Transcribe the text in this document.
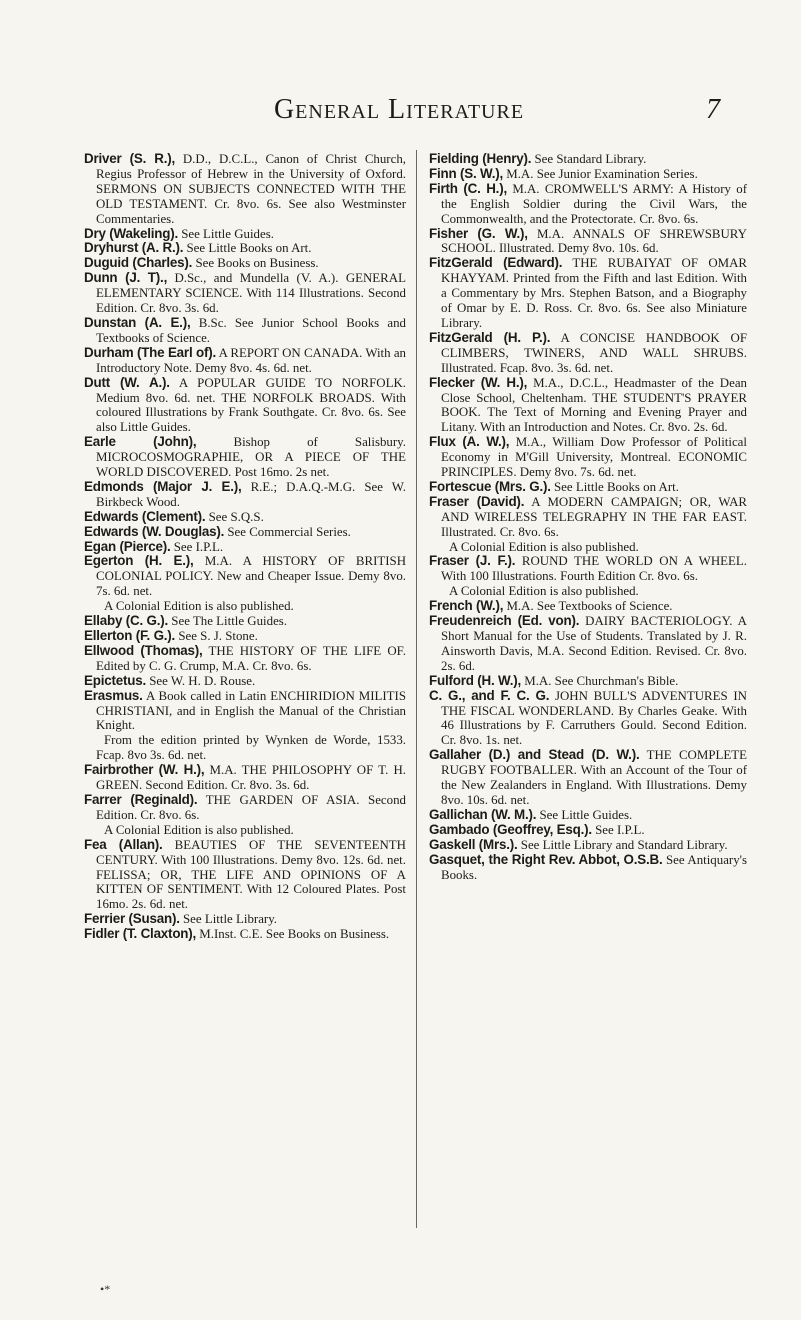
General Literature	7

Driver (S. R.), D.D., D.C.L., Canon of Christ Church, Regius Professor of Hebrew in the University of Oxford. SERMONS ON SUBJECTS CONNECTED WITH THE OLD TESTAMENT. Cr. 8vo. 6s. See also Westminster Commentaries.

Dry (Wakeling). See Little Guides.

Dryhurst (A. R.). See Little Books on Art.

Duguid (Charles). See Books on Business.

Dunn (J. T)., D.Sc., and Mundella (V. A.). GENERAL ELEMENTARY SCIENCE. With 114 Illustrations. Second Edition. Cr. 8vo. 3s. 6d.

Dunstan (A. E.), B.Sc. See Junior School Books and Textbooks of Science.

Durham (The Earl of). A REPORT ON CANADA. With an Introductory Note. Demy 8vo. 4s. 6d. net.

Dutt (W. A.). A POPULAR GUIDE TO NORFOLK. Medium 8vo. 6d. net. THE NORFOLK BROADS. With coloured Illustrations by Frank Southgate. Cr. 8vo. 6s. See also Little Guides.

Earle (John),	Bishop of Salisbury. MICROCOSMOGRAPHIE, OR A PIECE OF THE WORLD DISCOVERED. Post 16mo. 2s net.

Edmonds (Major J. E.), R.E.; D.A.Q.-M.G. See W. Birkbeck Wood.

Edwards (Clement). See S.Q.S.

Edwards (W. Douglas). See Commercial Series.

Egan (Pierce). See I.P.L.

Egerton (H. E.), M.A. A HISTORY OF BRITISH COLONIAL POLICY. New and Cheaper Issue. Demy 8vo. 7s. 6d. net.

A Colonial Edition is also published.

Ellaby (C. G.). See The Little Guides.

Ellerton (F. G.). See S. J. Stone.

Ellwood (Thomas), THE HISTORY OF THE LIFE OF. Edited by C. G. Crump, M.A. Cr. 8vo. 6s.

Epictetus. See W. H. D. Rouse.

Erasmus. A Book called in Latin ENCHIRIDION MILITIS CHRISTIANI, and in English the Manual of the Christian Knight.

From the edition printed by Wynken de Worde, 1533. Fcap. 8vo 3s. 6d. net.

Fairbrother (W. H.), M.A. THE PHILOSOPHY OF T. H. GREEN. Second Edition. Cr. 8vo. 3s. 6d.

Farrer (Reginald). THE GARDEN OF ASIA. Second Edition. Cr. 8vo. 6s.

A Colonial Edition is also published.

Fea (Allan). BEAUTIES OF THE SEVENTEENTH CENTURY. With 100 Illustrations. Demy 8vo. 12s. 6d. net. FELISSA; OR, THE LIFE AND OPINIONS OF A KITTEN OF SENTIMENT. With 12 Coloured Plates. Post 16mo. 2s. 6d. net.

Ferrier (Susan). See Little Library.

Fidler (T. Claxton), M.Inst. C.E. See Books on Business.

Fielding (Henry). See Standard Library.

Finn (S. W.), M.A. See Junior Examination Series.

Firth (C. H.), M.A. CROMWELL'S ARMY: A History of the English Soldier during the Civil Wars, the Commonwealth, and the Protectorate. Cr. 8vo. 6s.

Fisher (G. W.), M.A. ANNALS OF SHREWSBURY SCHOOL. Illustrated. Demy 8vo. 10s. 6d.

FitzGerald (Edward). THE RUBAIYAT OF OMAR KHAYYAM. Printed from the Fifth and last Edition. With a Commentary by Mrs. Stephen Batson, and a Biography of Omar by E. D. Ross. Cr. 8vo. 6s. See also Miniature Library.

FitzGerald (H. P.). A CONCISE HANDBOOK OF CLIMBERS, TWINERS, AND WALL SHRUBS. Illustrated. Fcap. 8vo. 3s. 6d. net.

Flecker (W. H.), M.A., D.C.L., Headmaster of the Dean Close School, Cheltenham. THE STUDENT'S PRAYER BOOK. The Text of Morning and Evening Prayer and Litany. With an Introduction and Notes. Cr. 8vo. 2s. 6d.

Flux (A. W.), M.A., William Dow Professor of Political Economy in M'Gill University, Montreal. ECONOMIC PRINCIPLES. Demy 8vo. 7s. 6d. net.

Fortescue (Mrs. G.). See Little Books on Art.

Fraser (David). A MODERN CAMPAIGN; OR, WAR AND WIRELESS TELEGRAPHY IN THE FAR EAST. Illustrated. Cr. 8vo. 6s.

A Colonial Edition is also published.

Fraser (J. F.). ROUND THE WORLD ON A WHEEL. With 100 Illustrations. Fourth Edition Cr. 8vo. 6s.

A Colonial Edition is also published.

French (W.), M.A. See Textbooks of Science.

Freudenreich (Ed. von). DAIRY BACTERIOLOGY. A Short Manual for the Use of Students. Translated by J. R. Ainsworth Davis, M.A. Second Edition. Revised. Cr. 8vo. 2s. 6d.

Fulford (H. W.), M.A. See Churchman's Bible.

C. G., and F. C. G. JOHN BULL'S ADVENTURES IN THE FISCAL WONDERLAND. By Charles Geake. With 46 Illustrations by F. Carruthers Gould. Second Edition. Cr. 8vo. 1s. net.

Gallaher (D.) and Stead (D. W.). THE COMPLETE RUGBY FOOTBALLER. With an Account of the Tour of the New Zealanders in England. With Illustrations. Demy 8vo. 10s. 6d. net.

Gallichan (W. M.). See Little Guides.

Gambado (Geoffrey, Esq.). See I.P.L.

Gaskell (Mrs.). See Little Library and Standard Library.

Gasquet, the Right Rev. Abbot, O.S.B. See Antiquary's Books.

•*
